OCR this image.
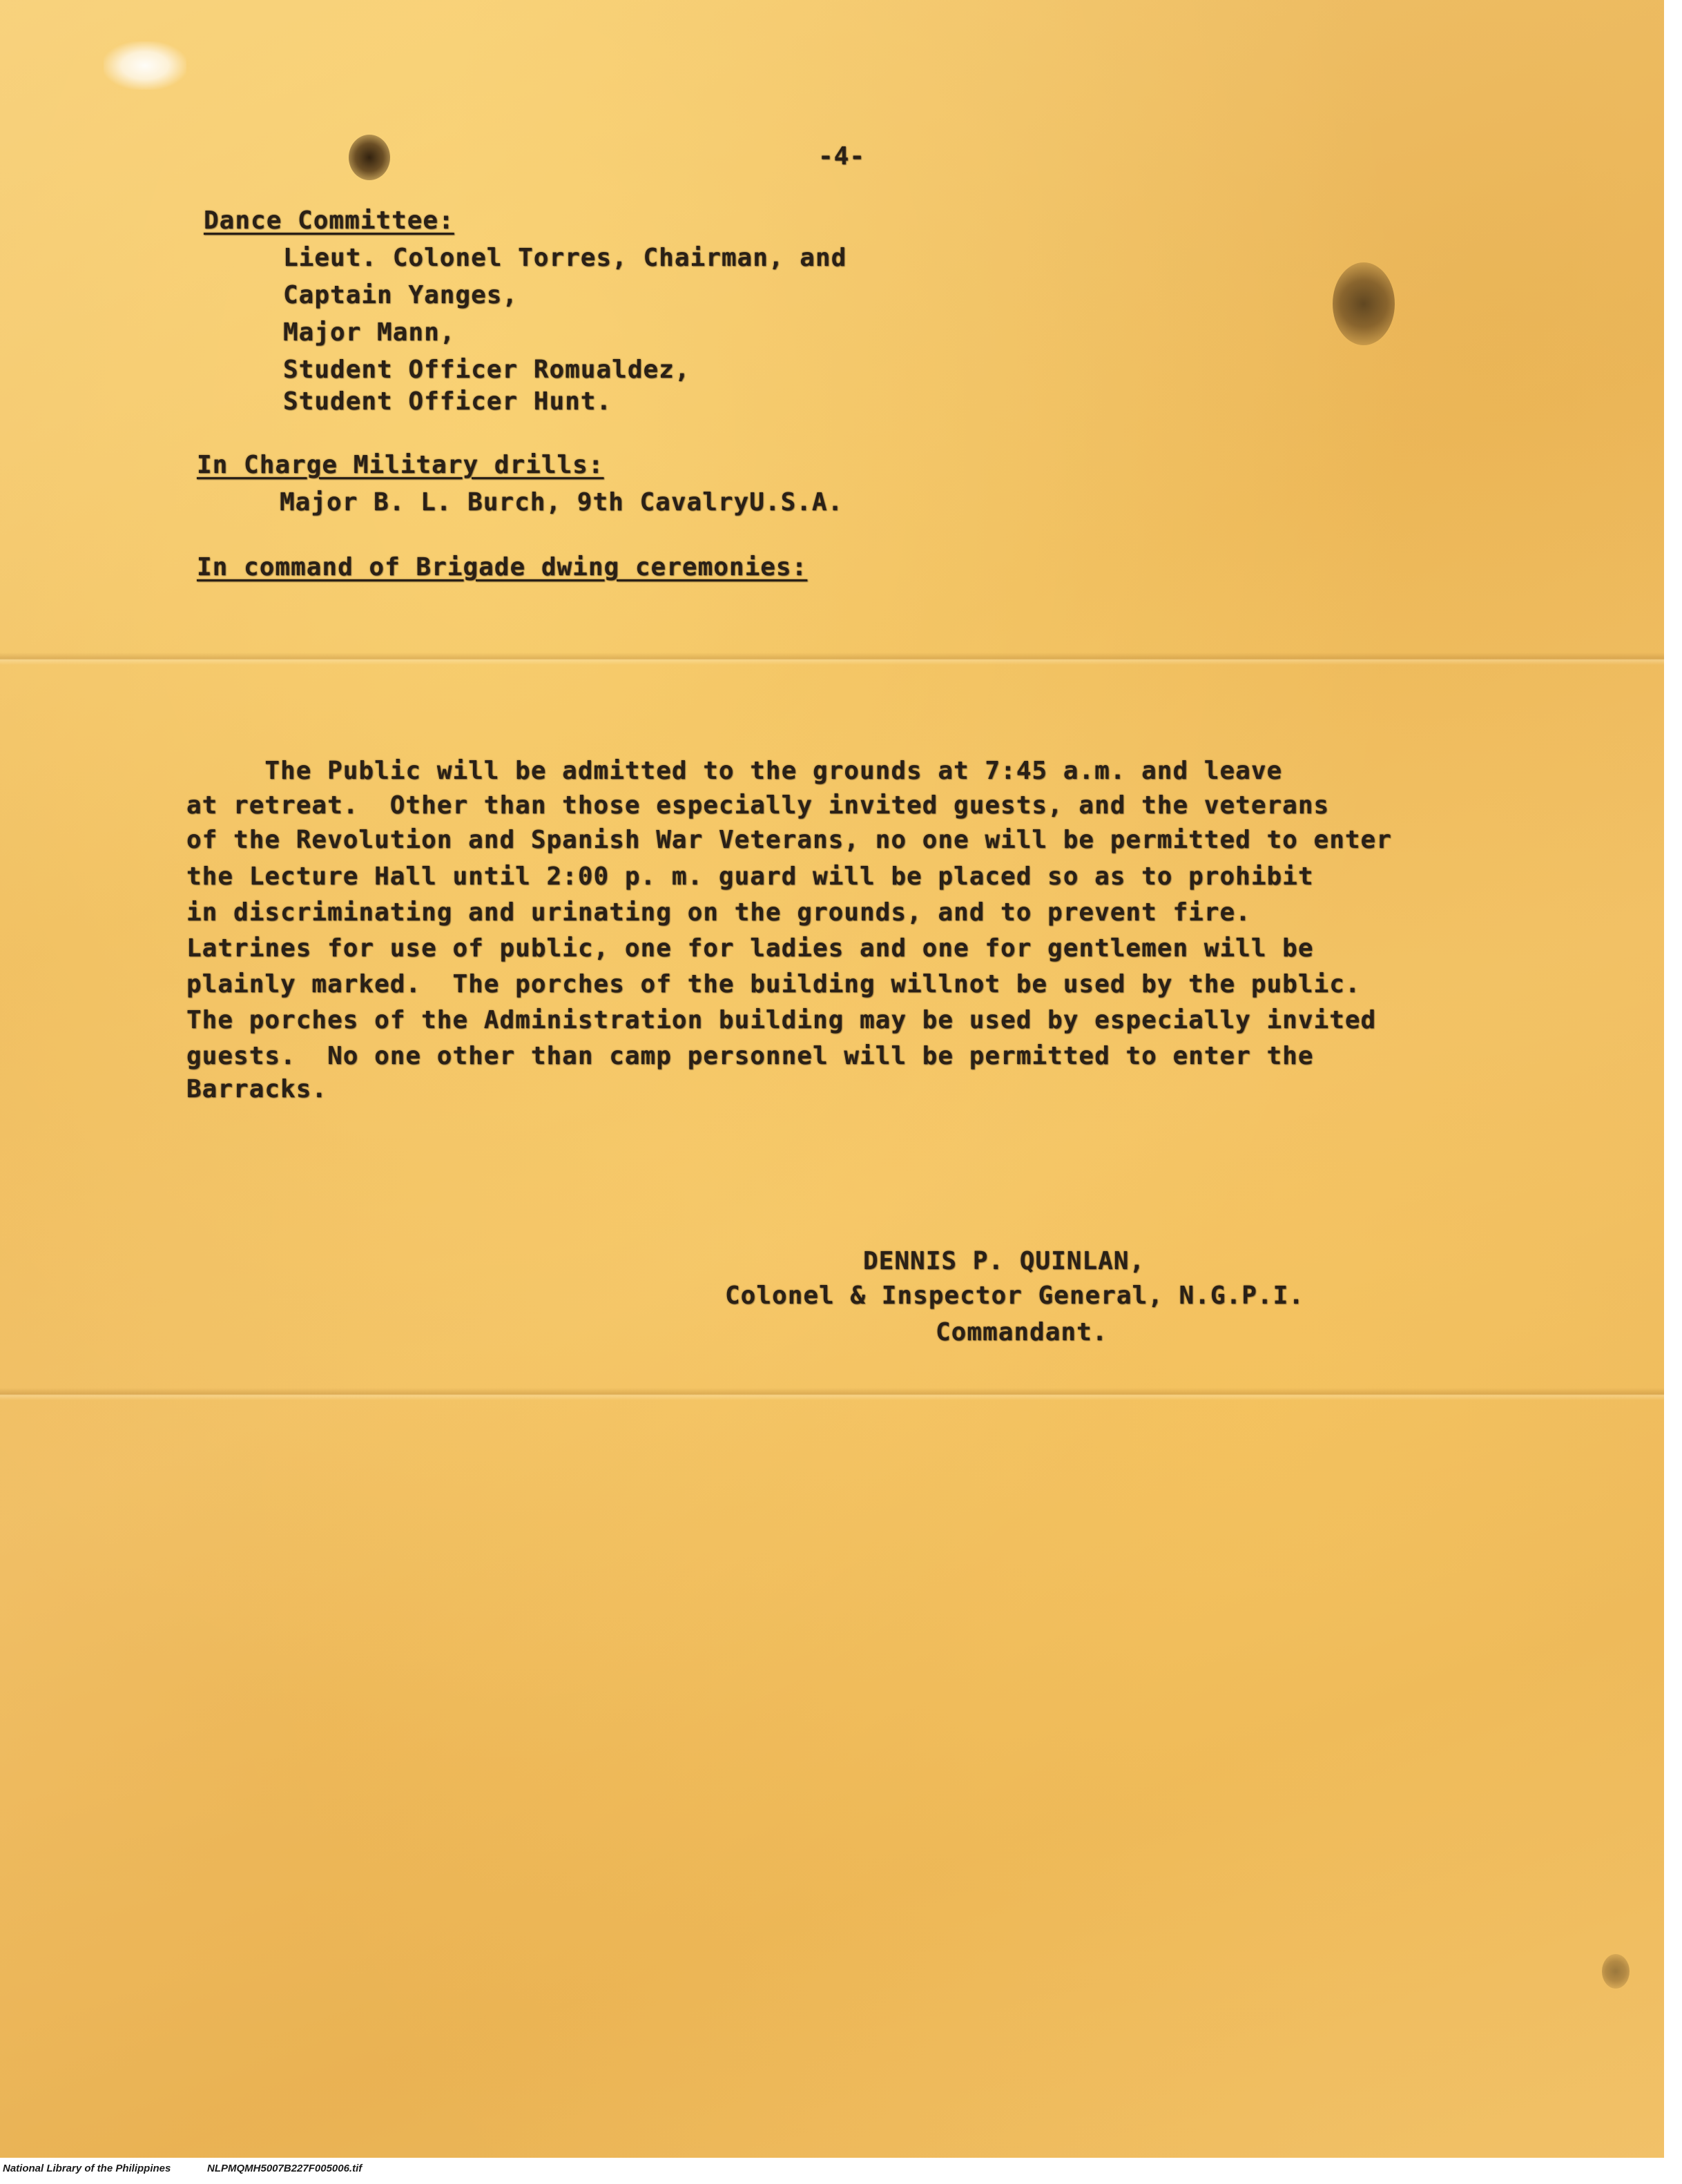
-4-

Dance Committee:

Lieut. Colonel Torres, Chairman, and

Captain Yanges,

Major Mann,

Student Officer Romualdez,

Student Officer Hunt.

In Charge Military drills:

Major B. L. Burch, 9th CavalryU.S.A.

In command of Brigade dwing ceremonies:

The Public will be admitted to the grounds at 7:45 a.m. and leave

at retreat.  Other than those especially invited guests, and the veterans

of the Revolution and Spanish War Veterans, no one will be permitted to enter

the Lecture Hall until 2:00 p. m. guard will be placed so as to prohibit

in discriminating and urinating on the grounds, and to prevent fire.

Latrines for use of public, one for ladies and one for gentlemen will be

plainly marked.  The porches of the building willnot be used by the public.

The porches of the Administration building may be used by especially invited

guests.  No one other than camp personnel will be permitted to enter the

Barracks.

DENNIS P. QUINLAN,

Colonel & Inspector General, N.G.P.I.

Commandant.

National Library of the Philippines	NLPMQMH5007B227F005006.tif
